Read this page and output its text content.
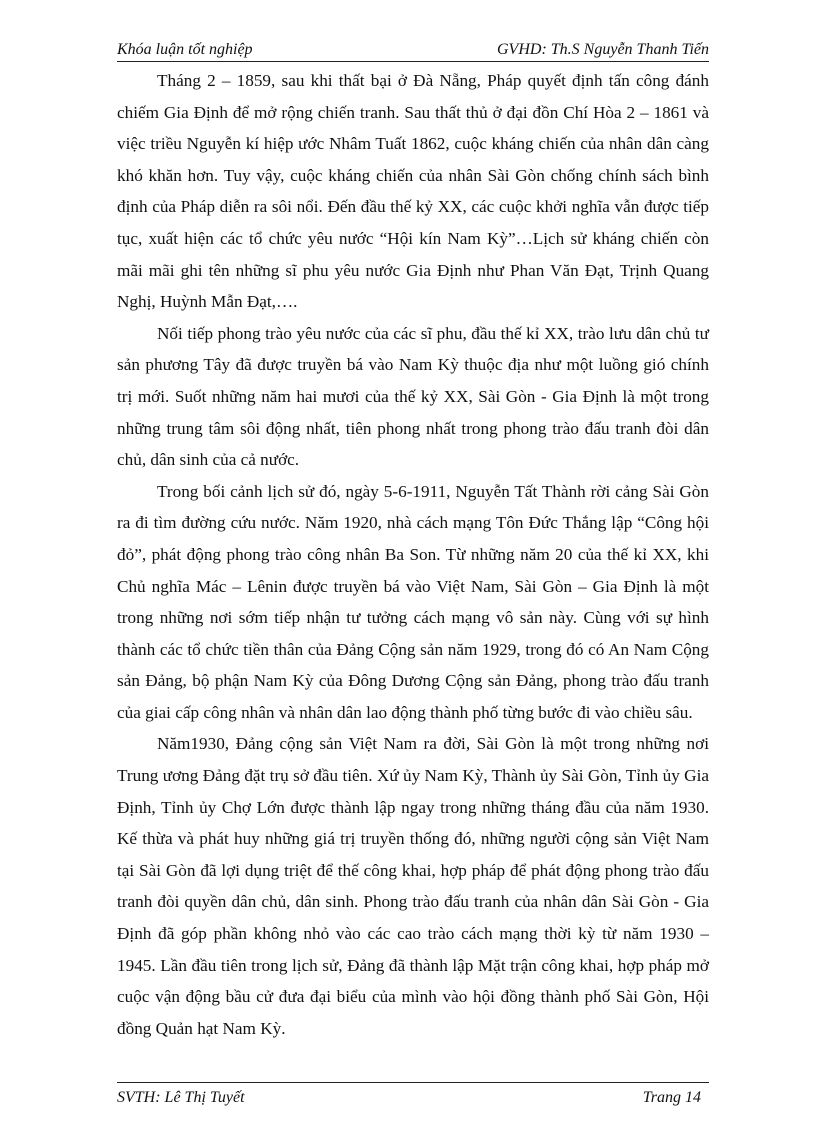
Khóa luận tốt nghiệp	GVHD: Th.S Nguyễn Thanh Tiến

Tháng 2 – 1859, sau khi thất bại ở Đà Nẵng, Pháp quyết định tấn công đánh chiếm Gia Định để mở rộng chiến tranh. Sau thất thủ ở đại đồn Chí Hòa 2 – 1861 và việc triều Nguyễn kí hiệp ước Nhâm Tuất 1862, cuộc kháng chiến của nhân dân càng khó khăn hơn. Tuy vậy, cuộc kháng chiến của nhân Sài Gòn chống chính sách bình định của Pháp diễn ra sôi nổi. Đến đầu thế kỷ XX, các cuộc khởi nghĩa vẫn được tiếp tục, xuất hiện các tổ chức yêu nước “Hội kín Nam Kỳ”…Lịch sử kháng chiến còn mãi mãi ghi tên những sĩ phu yêu nước Gia Định như Phan Văn Đạt, Trịnh Quang Nghị, Huỳnh Mẫn Đạt,….

Nối tiếp phong trào yêu nước của các sĩ phu, đầu thế kỉ XX, trào lưu dân chủ tư sản phương Tây đã được truyền bá vào Nam Kỳ thuộc địa như một luồng gió chính trị mới. Suốt những năm hai mươi của thế kỷ XX, Sài Gòn - Gia Định là một trong những trung tâm sôi động nhất, tiên phong nhất trong phong trào đấu tranh đòi dân chủ, dân sinh của cả nước.

Trong bối cảnh lịch sử đó, ngày 5-6-1911, Nguyễn Tất Thành rời cảng Sài Gòn ra đi tìm đường cứu nước. Năm 1920, nhà cách mạng Tôn Đức Thắng lập “Công hội đỏ”, phát động phong trào công nhân Ba Son. Từ những năm 20 của thế kỉ XX, khi Chủ nghĩa Mác – Lênin được truyền bá vào Việt Nam, Sài Gòn – Gia Định là một trong những nơi sớm tiếp nhận tư tưởng cách mạng vô sản này. Cùng với sự hình thành các tổ chức tiền thân của Đảng Cộng sản năm 1929, trong đó có An Nam Cộng sản Đảng, bộ phận Nam Kỳ của Đông Dương Cộng sản Đảng, phong trào đấu tranh của giai cấp công nhân và nhân dân lao động thành phố từng bước đi vào chiều sâu.

Năm1930, Đảng cộng sản Việt Nam ra đời, Sài Gòn là một trong những nơi Trung ương Đảng đặt trụ sở đầu tiên. Xứ ủy Nam Kỳ, Thành ủy Sài Gòn, Tỉnh ủy Gia Định, Tỉnh ủy Chợ Lớn được thành lập ngay trong những tháng đầu của năm 1930. Kế thừa và phát huy những giá trị truyền thống đó, những người cộng sản Việt Nam tại Sài Gòn đã lợi dụng triệt để thế công khai, hợp pháp để phát động phong trào đấu tranh đòi quyền dân chủ, dân sinh. Phong trào đấu tranh của nhân dân Sài Gòn - Gia Định đã góp phần không nhỏ vào các cao trào cách mạng thời kỳ từ năm 1930 – 1945. Lần đầu tiên trong lịch sử, Đảng đã thành lập Mặt trận công khai, hợp pháp mở cuộc vận động bầu cử đưa đại biểu của mình vào hội đồng thành phố Sài Gòn, Hội đồng Quản hạt Nam Kỳ.

SVTH: Lê Thị Tuyết	Trang 14
